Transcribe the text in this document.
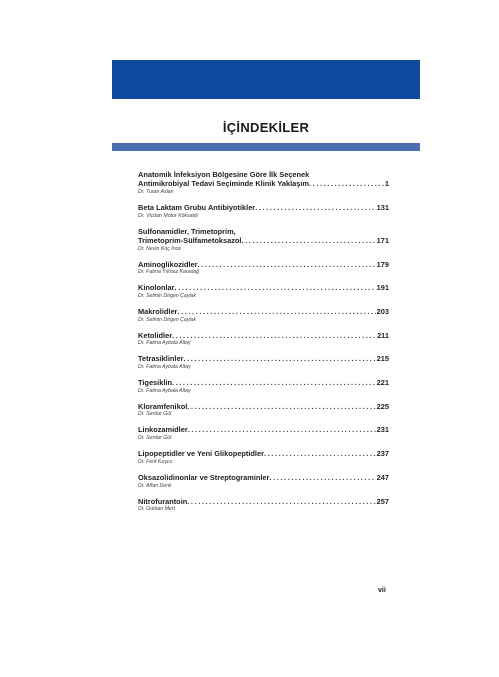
İÇİNDEKİLER
Anatomik İnfeksiyon Bölgesine Göre İlk Seçenek
Antimikrobiyal Tedavi Seçiminde Klinik Yaklaşım .....	1
Dr. Turan Aslan
Beta Laktam Grubu Antibiyotikler .....	131
Dr. Vicdan Motor Köksaldı
Sulfonamidler, Trimetoprim,
Trimetoprim-Sülfametoksazol .....	171
Dr. Nevin Koç İnce
Aminoglikozidler .....	179
Dr. Fatma Yılmaz Karadağ
Kinolonlar .....	191
Dr. Selmin Dirgen Çaylak
Makrolidler .....	203
Dr. Selmin Dirgen Çaylak
Ketolidler .....	211
Dr. Fatma Aybala Altay
Tetrasiklinler .....	215
Dr. Fatma Aybala Altay
Tigesiklin .....	221
Dr. Fatma Aybala Altay
Kloramfenikol .....	225
Dr. Serdar Gül
Linkozamidler .....	231
Dr. Serdar Gül
Lipopeptidler ve Yeni Glikopeptidler .....	237
Dr. Ferit Kuşcu
Oksazolidinonlar ve Streptograminler .....	247
Dr. Affan Denk
Nitrofurantoin .....	257
Dr. Gürkan Mert
vii
